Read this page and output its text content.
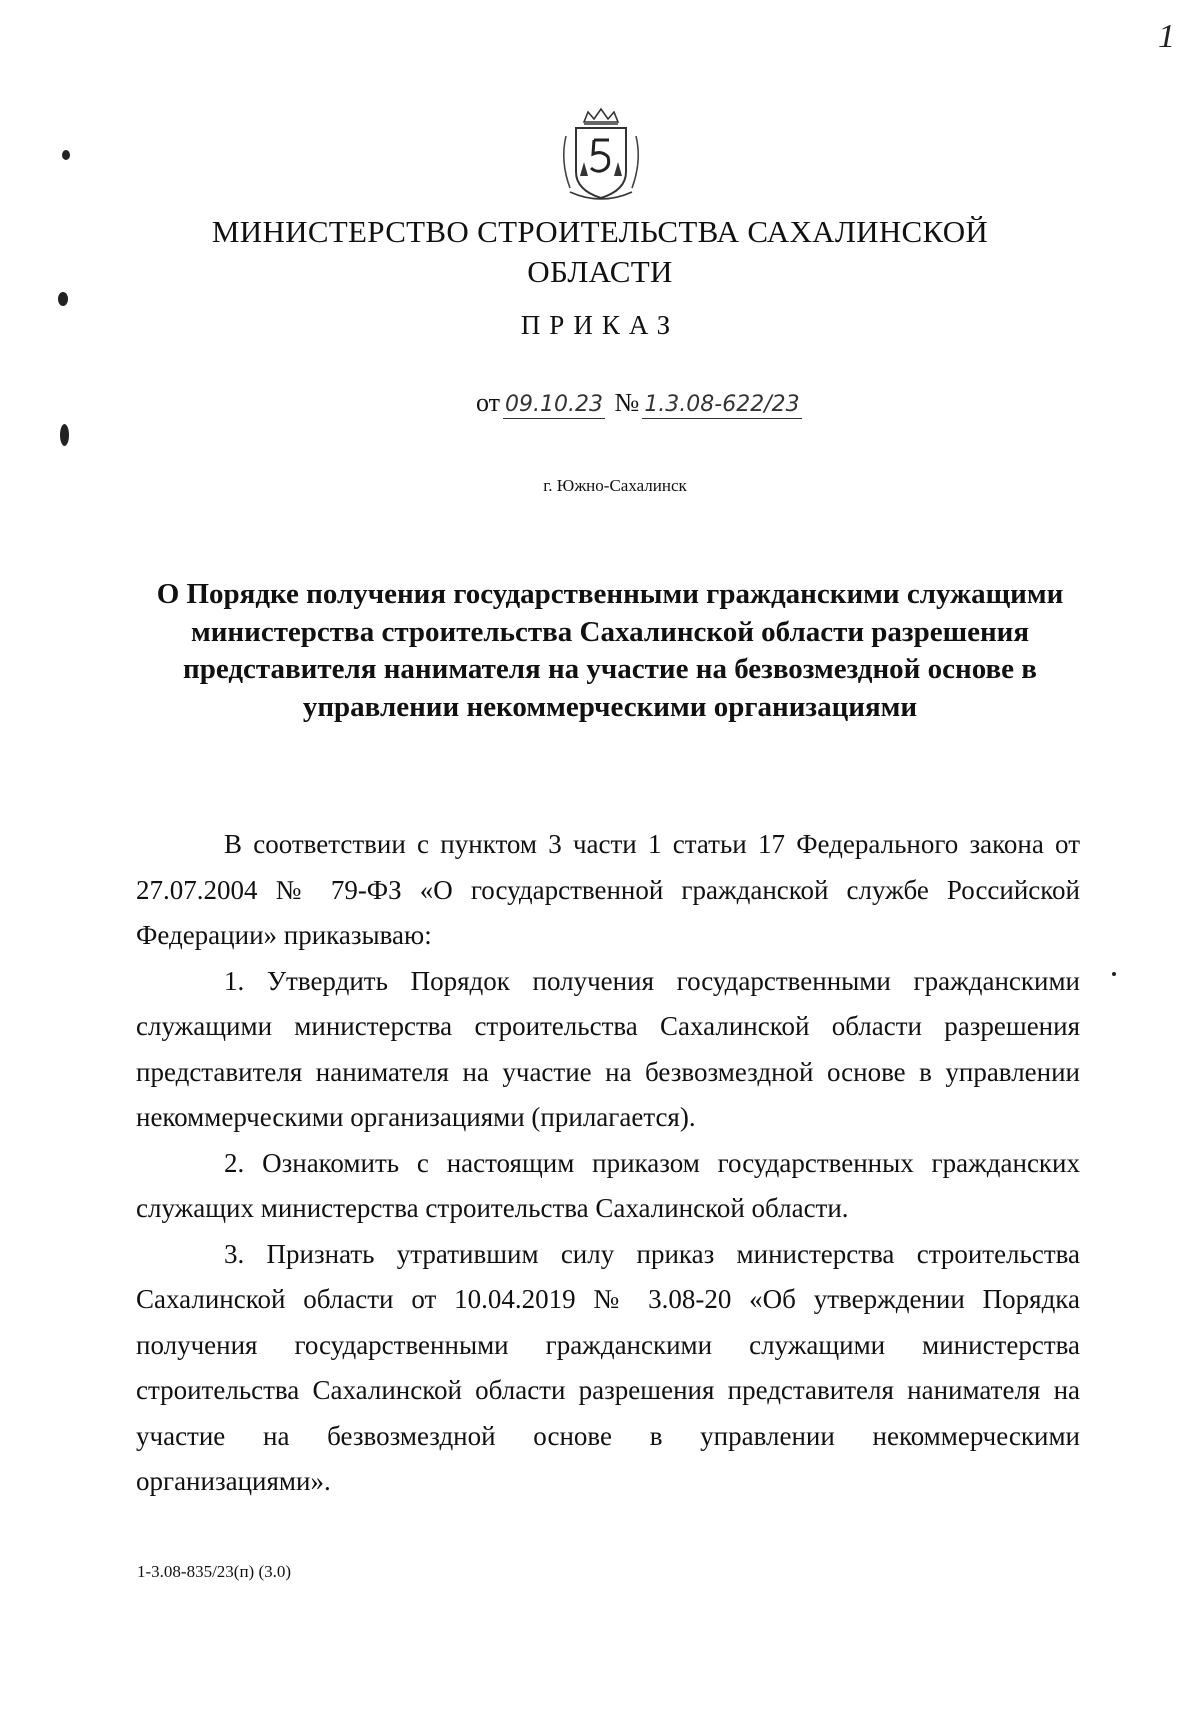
1
МИНИСТЕРСТВО СТРОИТЕЛЬСТВА САХАЛИНСКОЙ ОБЛАСТИ
ПРИКАЗ
от 09.10.23 № 1.3.08-622/23
г. Южно-Сахалинск
О Порядке получения государственными гражданскими служащими министерства строительства Сахалинской области разрешения представителя нанимателя на участие на безвозмездной основе в управлении некоммерческими организациями

В соответствии с пунктом 3 части 1 статьи 17 Федерального закона от 27.07.2004 № 79-ФЗ «О государственной гражданской службе Российской Федерации» приказываю:

1. Утвердить Порядок получения государственными гражданскими служащими министерства строительства Сахалинской области разрешения представителя нанимателя на участие на безвозмездной основе в управлении некоммерческими организациями (прилагается).

2. Ознакомить с настоящим приказом государственных гражданских служащих министерства строительства Сахалинской области.

3. Признать утратившим силу приказ министерства строительства Сахалинской области от 10.04.2019 № 3.08-20 «Об утверждении Порядка получения государственными гражданскими служащими министерства строительства Сахалинской области разрешения представителя нанимателя на участие на безвозмездной основе в управлении некоммерческими организациями».

1-3.08-835/23(п) (3.0)
